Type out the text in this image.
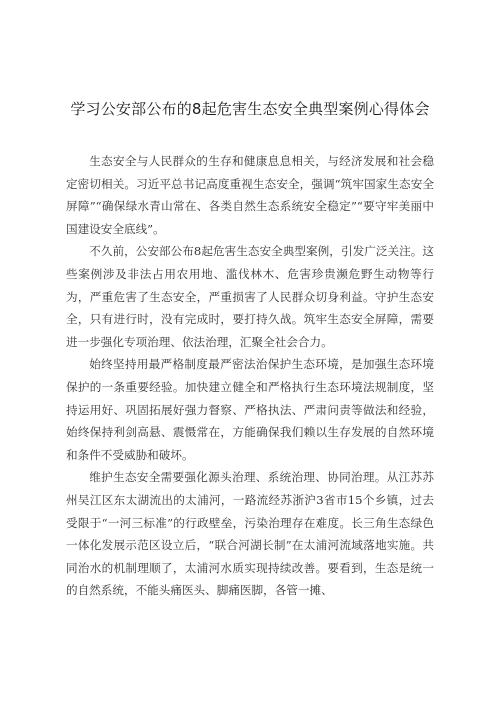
学习公安部公布的8起危害生态安全典型案例心得体会

生态安全与人民群众的生存和健康息息相关，与经济发展和社会稳定密切相关。习近平总书记高度重视生态安全，强调“筑牢国家生态安全屏障”“确保绿水青山常在、各类自然生态系统安全稳定”“要守牢美丽中国建设安全底线”。

不久前，公安部公布8起危害生态安全典型案例，引发广泛关注。这些案例涉及非法占用农用地、滥伐林木、危害珍贵濒危野生动物等行为，严重危害了生态安全，严重损害了人民群众切身利益。守护生态安全，只有进行时，没有完成时，要打持久战。筑牢生态安全屏障，需要进一步强化专项治理、依法治理，汇聚全社会合力。

始终坚持用最严格制度最严密法治保护生态环境，是加强生态环境保护的一条重要经验。加快建立健全和严格执行生态环境法规制度，坚持运用好、巩固拓展好强力督察、严格执法、严肃问责等做法和经验，始终保持利剑高悬、震慑常在，方能确保我们赖以生存发展的自然环境和条件不受威胁和破坏。

维护生态安全需要强化源头治理、系统治理、协同治理。从江苏苏州吴江区东太湖流出的太浦河，一路流经苏浙沪3省市15个乡镇，过去受限于“一河三标准”的行政壁垒，污染治理存在难度。长三角生态绿色一体化发展示范区设立后，“联合河湖长制”在太浦河流域落地实施。共同治水的机制理顺了，太浦河水质实现持续改善。要看到，生态是统一的自然系统，不能头痛医头、脚痛医脚，各管一摊、
